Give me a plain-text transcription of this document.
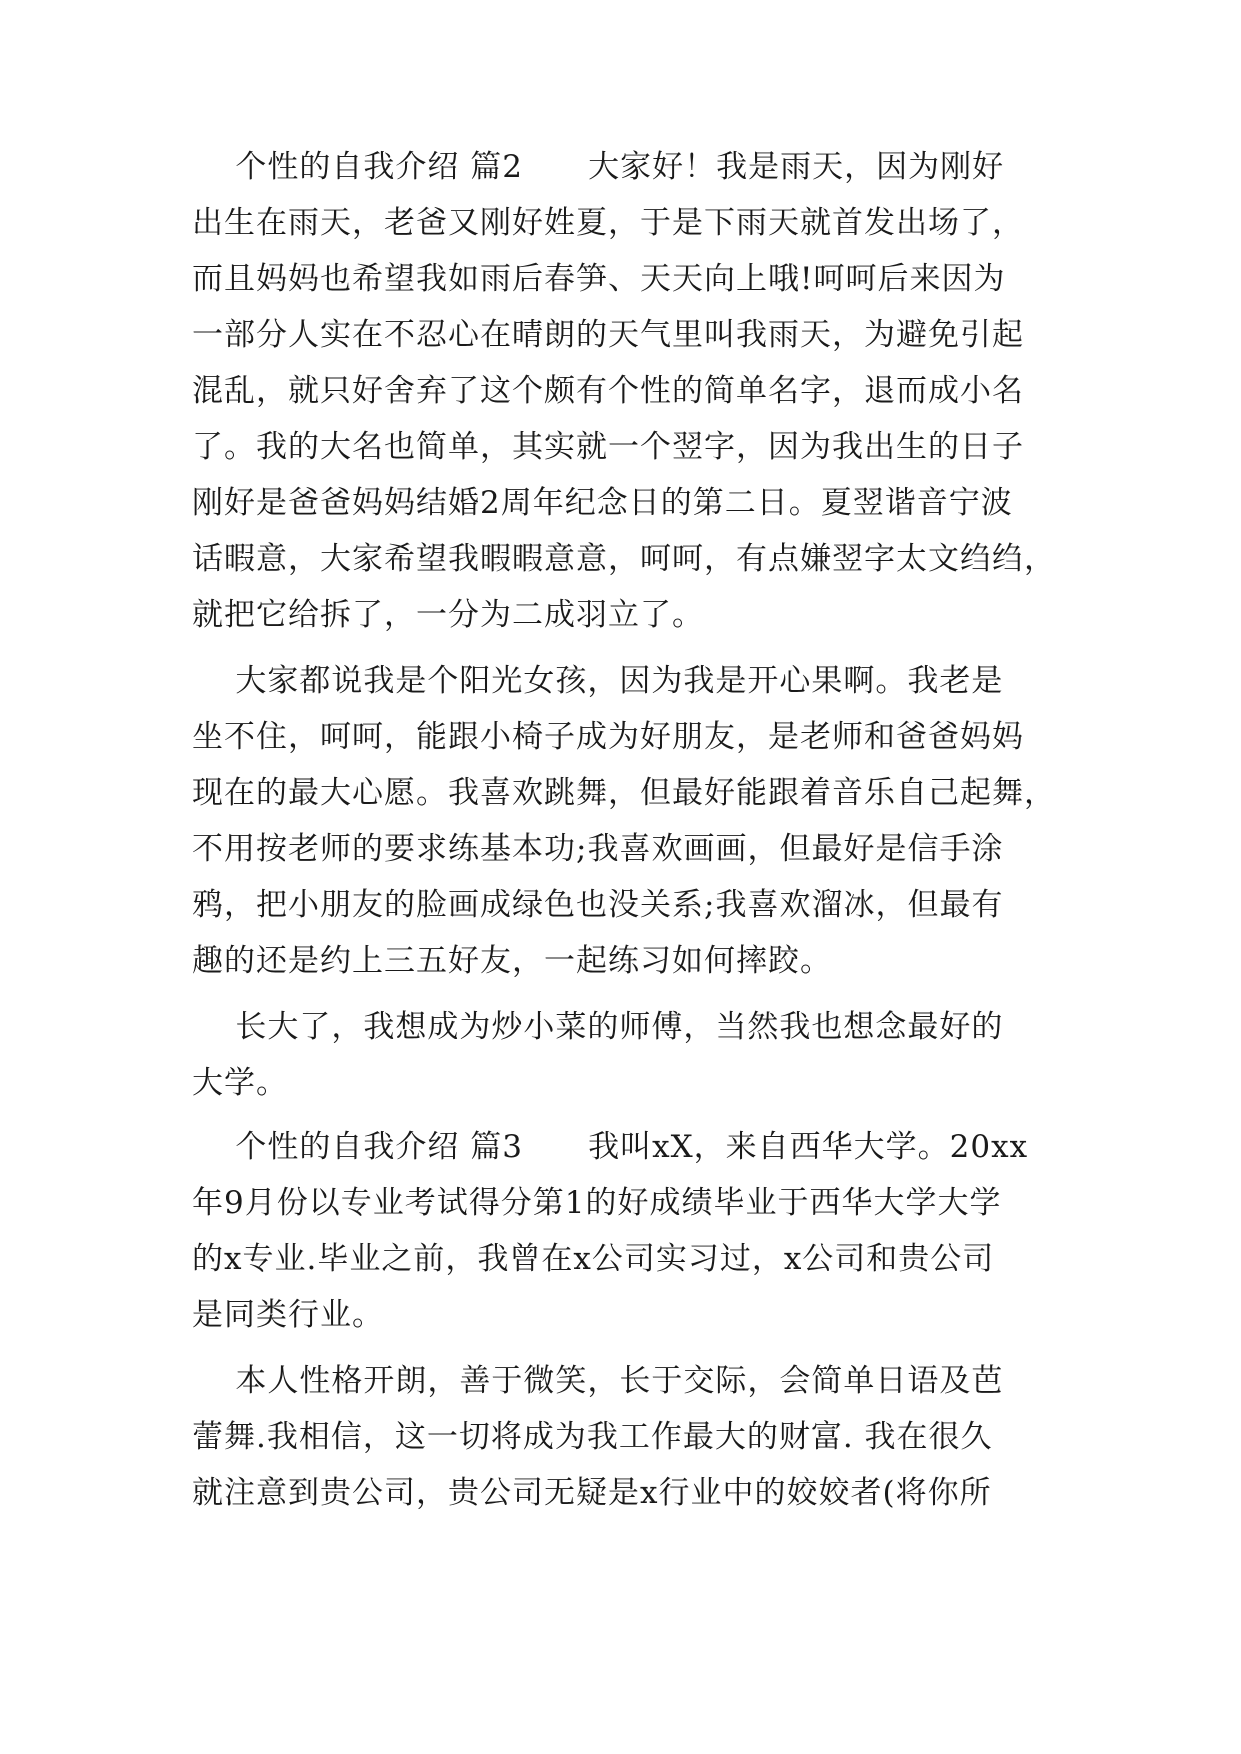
个性的自我介绍 篇2      大家好！我是雨天，因为刚好
出生在雨天，老爸又刚好姓夏，于是下雨天就首发出场了，
而且妈妈也希望我如雨后春笋、天天向上哦!呵呵后来因为
一部分人实在不忍心在晴朗的天气里叫我雨天，为避免引起
混乱，就只好舍弃了这个颇有个性的简单名字，退而成小名
了。我的大名也简单，其实就一个翌字，因为我出生的日子
刚好是爸爸妈妈结婚2周年纪念日的第二日。夏翌谐音宁波
话暇意，大家希望我暇暇意意，呵呵，有点嫌翌字太文绉绉，
就把它给拆了，一分为二成羽立了。
大家都说我是个阳光女孩，因为我是开心果啊。我老是
坐不住，呵呵，能跟小椅子成为好朋友，是老师和爸爸妈妈
现在的最大心愿。我喜欢跳舞，但最好能跟着音乐自己起舞，
不用按老师的要求练基本功;我喜欢画画，但最好是信手涂
鸦，把小朋友的脸画成绿色也没关系;我喜欢溜冰，但最有
趣的还是约上三五好友，一起练习如何摔跤。
长大了，我想成为炒小菜的师傅，当然我也想念最好的
大学。
个性的自我介绍 篇3      我叫xX，来自西华大学。20xx
年9月份以专业考试得分第1的好成绩毕业于西华大学大学
的x专业.毕业之前，我曾在x公司实习过，x公司和贵公司
是同类行业。
本人性格开朗，善于微笑，长于交际，会简单日语及芭
蕾舞.我相信，这一切将成为我工作最大的财富. 我在很久
就注意到贵公司，贵公司无疑是x行业中的姣姣者(将你所
